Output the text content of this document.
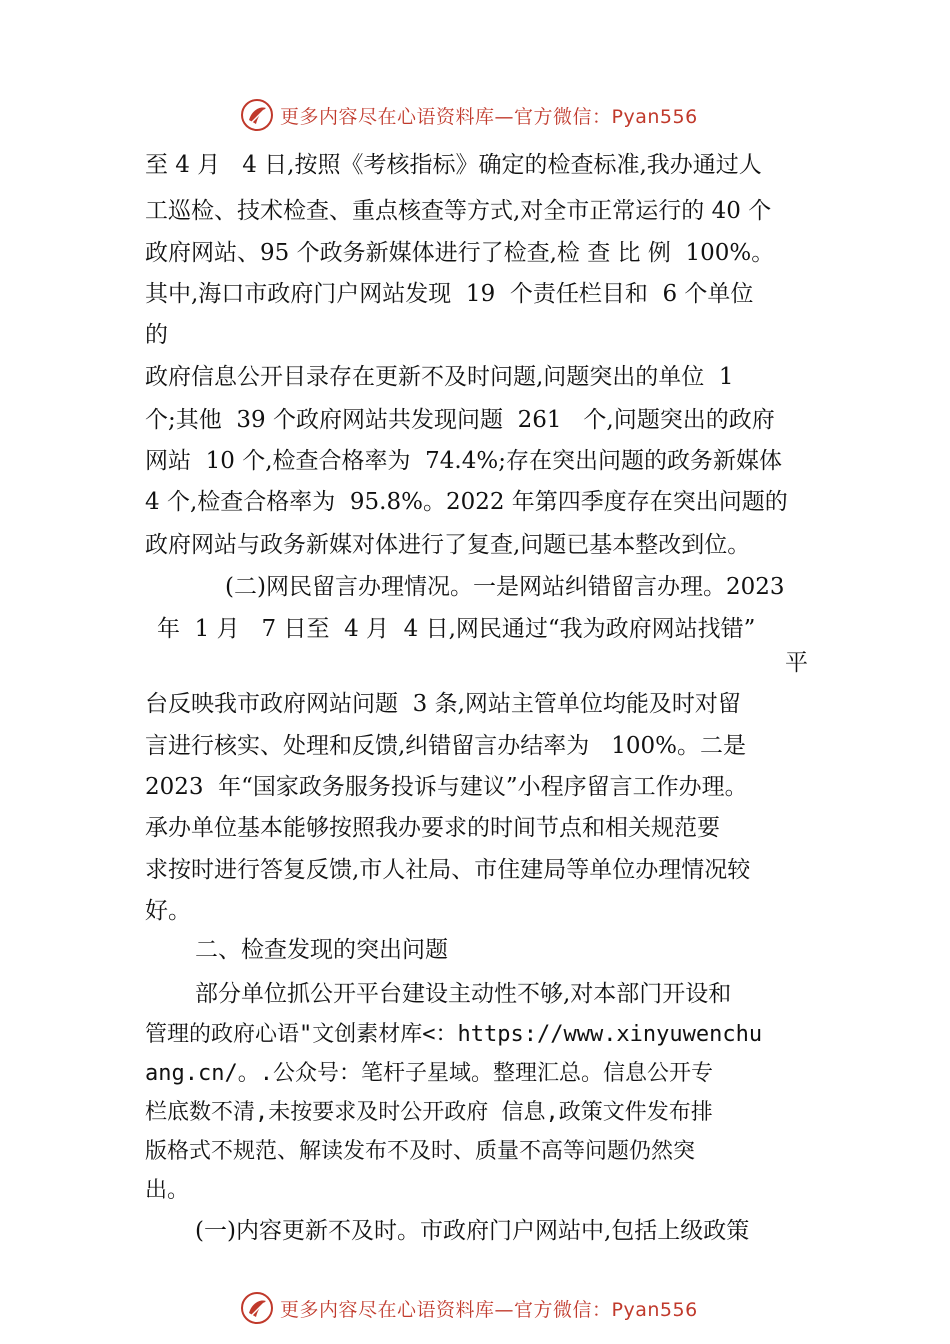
更多内容尽在心语资料库—官方微信：Pyan556
至 4 月   4 日,按照《考核指标》确定的检查标准,我办通过人
工巡检、技术检查、重点核查等方式,对全市正常运行的 40 个
政府网站、95 个政务新媒体进行了检查,检 查 比 例  100%。
其中,海口市政府门户网站发现  19  个责任栏目和  6 个单位
的
政府信息公开目录存在更新不及时问题,问题突出的单位  1
个;其他  39 个政府网站共发现问题  261   个,问题突出的政府
网站  10 个,检查合格率为  74.4%;存在突出问题的政务新媒体
4 个,检查合格率为  95.8%。2022 年第四季度存在突出问题的
政府网站与政务新媒对体进行了复查,问题已基本整改到位。
(二)网民留言办理情况。一是网站纠错留言办理。2023
年  1 月   7 日至  4 月  4 日,网民通过“我为政府网站找错”
平
台反映我市政府网站问题  3 条,网站主管单位均能及时对留
言进行核实、处理和反馈,纠错留言办结率为   100%。二是
2023  年“国家政务服务投诉与建议”小程序留言工作办理。
承办单位基本能够按照我办要求的时间节点和相关规范要
求按时进行答复反馈,市人社局、市住建局等单位办理情况较
好。
二、检查发现的突出问题
部分单位抓公开平台建设主动性不够,对本部门开设和
管理的政府心语"文创素材库<：https://www.xinyuwenchu
ang.cn/。.公众号：笔杆子星域。整理汇总。信息公开专
栏底数不清,未按要求及时公开政府 信息,政策文件发布排
版格式不规范、解读发布不及时、质量不高等问题仍然突
出。
(一)内容更新不及时。市政府门户网站中,包括上级政策
更多内容尽在心语资料库—官方微信：Pyan556
